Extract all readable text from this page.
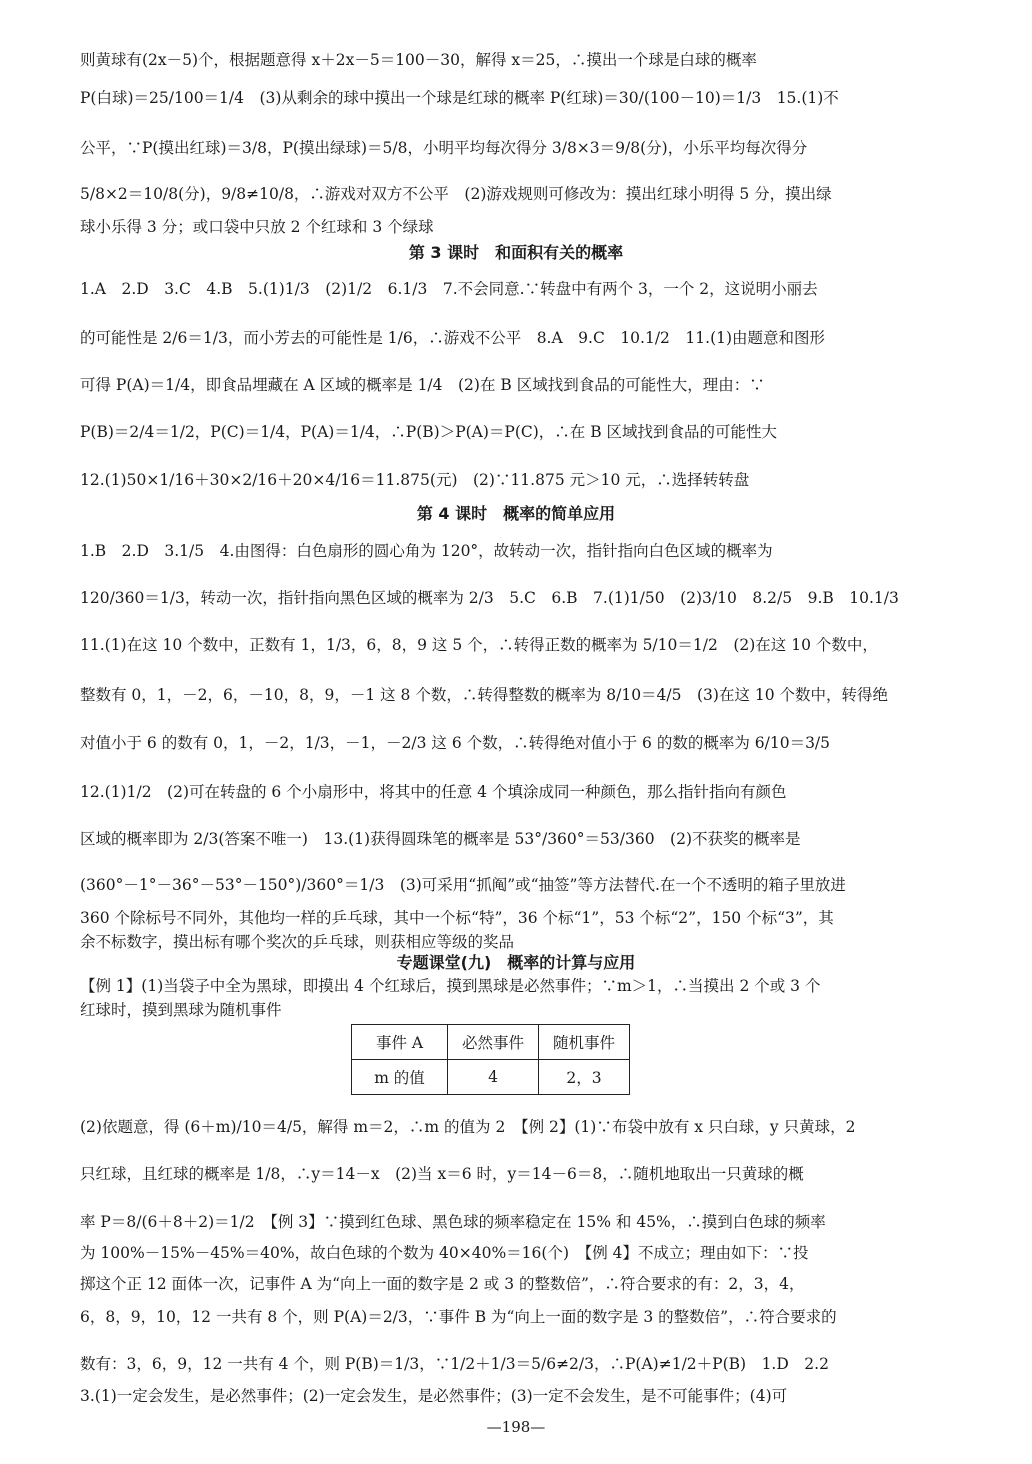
则黄球有(2x－5)个，根据题意得 x＋2x－5＝100－30，解得 x＝25，∴摸出一个球是白球的概率
P(白球)＝25/100＝1/4　(3)从剩余的球中摸出一个球是红球的概率 P(红球)＝30/(100－10)＝1/3　15.(1)不
公平，∵P(摸出红球)＝3/8，P(摸出绿球)＝5/8，小明平均每次得分 3/8×3＝9/8(分)，小乐平均每次得分
5/8×2＝10/8(分)，9/8≠10/8，∴游戏对双方不公平　(2)游戏规则可修改为：摸出红球小明得 5 分，摸出绿
球小乐得 3 分；或口袋中只放 2 个红球和 3 个绿球
第 3 课时　和面积有关的概率
1.A　2.D　3.C　4.B　5.(1)1/3　(2)1/2　6.1/3　7.不会同意.∵转盘中有两个 3，一个 2，这说明小丽去
的可能性是 2/6＝1/3，而小芳去的可能性是 1/6，∴游戏不公平　8.A　9.C　10.1/2　11.(1)由题意和图形
可得 P(A)＝1/4，即食品埋藏在 A 区域的概率是 1/4　(2)在 B 区域找到食品的可能性大，理由：∵
P(B)＝2/4＝1/2，P(C)＝1/4，P(A)＝1/4，∴P(B)＞P(A)＝P(C)，∴在 B 区域找到食品的可能性大
12.(1)50×1/16＋30×2/16＋20×4/16＝11.875(元)　(2)∵11.875 元＞10 元，∴选择转转盘
第 4 课时　概率的简单应用
1.B　2.D　3.1/5　4.由图得：白色扇形的圆心角为 120°，故转动一次，指针指向白色区域的概率为
120/360＝1/3，转动一次，指针指向黑色区域的概率为 2/3　5.C　6.B　7.(1)1/50　(2)3/10　8.2/5　9.B　10.1/3
11.(1)在这 10 个数中，正数有 1，1/3，6，8，9 这 5 个，∴转得正数的概率为 5/10＝1/2　(2)在这 10 个数中，
整数有 0，1，－2，6，－10，8，9，－1 这 8 个数，∴转得整数的概率为 8/10＝4/5　(3)在这 10 个数中，转得绝
对值小于 6 的数有 0，1，－2，1/3，－1，－2/3 这 6 个数，∴转得绝对值小于 6 的数的概率为 6/10＝3/5
12.(1)1/2　(2)可在转盘的 6 个小扇形中，将其中的任意 4 个填涂成同一种颜色，那么指针指向有颜色
区域的概率即为 2/3(答案不唯一)　13.(1)获得圆珠笔的概率是 53°/360°＝53/360　(2)不获奖的概率是
(360°－1°－36°－53°－150°)/360°＝1/3　(3)可采用“抓阄”或“抽签”等方法替代.在一个不透明的箱子里放进
360 个除标号不同外，其他均一样的乒乓球，其中一个标“特”，36 个标“1”，53 个标“2”，150 个标“3”，其
余不标数字，摸出标有哪个奖次的乒乓球，则获相应等级的奖品
专题课堂(九)　概率的计算与应用
【例 1】(1)当袋子中全为黑球，即摸出 4 个红球后，摸到黑球是必然事件；∵m＞1，∴当摸出 2 个或 3 个
红球时，摸到黑球为随机事件
事件 A	必然事件	随机事件
m 的值	4	2，3
(2)依题意，得 (6＋m)/10＝4/5，解得 m＝2，∴m 的值为 2　【例 2】(1)∵布袋中放有 x 只白球，y 只黄球，2
只红球，且红球的概率是 1/8，∴y＝14－x　(2)当 x＝6 时，y＝14－6＝8，∴随机地取出一只黄球的概
率 P＝8/(6＋8＋2)＝1/2　【例 3】∵摸到红色球、黑色球的频率稳定在 15% 和 45%，∴摸到白色球的频率
为 100%－15%－45%＝40%，故白色球的个数为 40×40%＝16(个)　【例 4】不成立；理由如下：∵投
掷这个正 12 面体一次，记事件 A 为“向上一面的数字是 2 或 3 的整数倍”，∴符合要求的有：2，3，4，
6，8，9，10，12 一共有 8 个，则 P(A)＝2/3，∵事件 B 为“向上一面的数字是 3 的整数倍”，∴符合要求的
数有：3，6，9，12 一共有 4 个，则 P(B)＝1/3，∵1/2＋1/3＝5/6≠2/3，∴P(A)≠1/2＋P(B)　1.D　2.2
3.(1)一定会发生，是必然事件；(2)一定会发生，是必然事件；(3)一定不会发生，是不可能事件；(4)可
—198—
